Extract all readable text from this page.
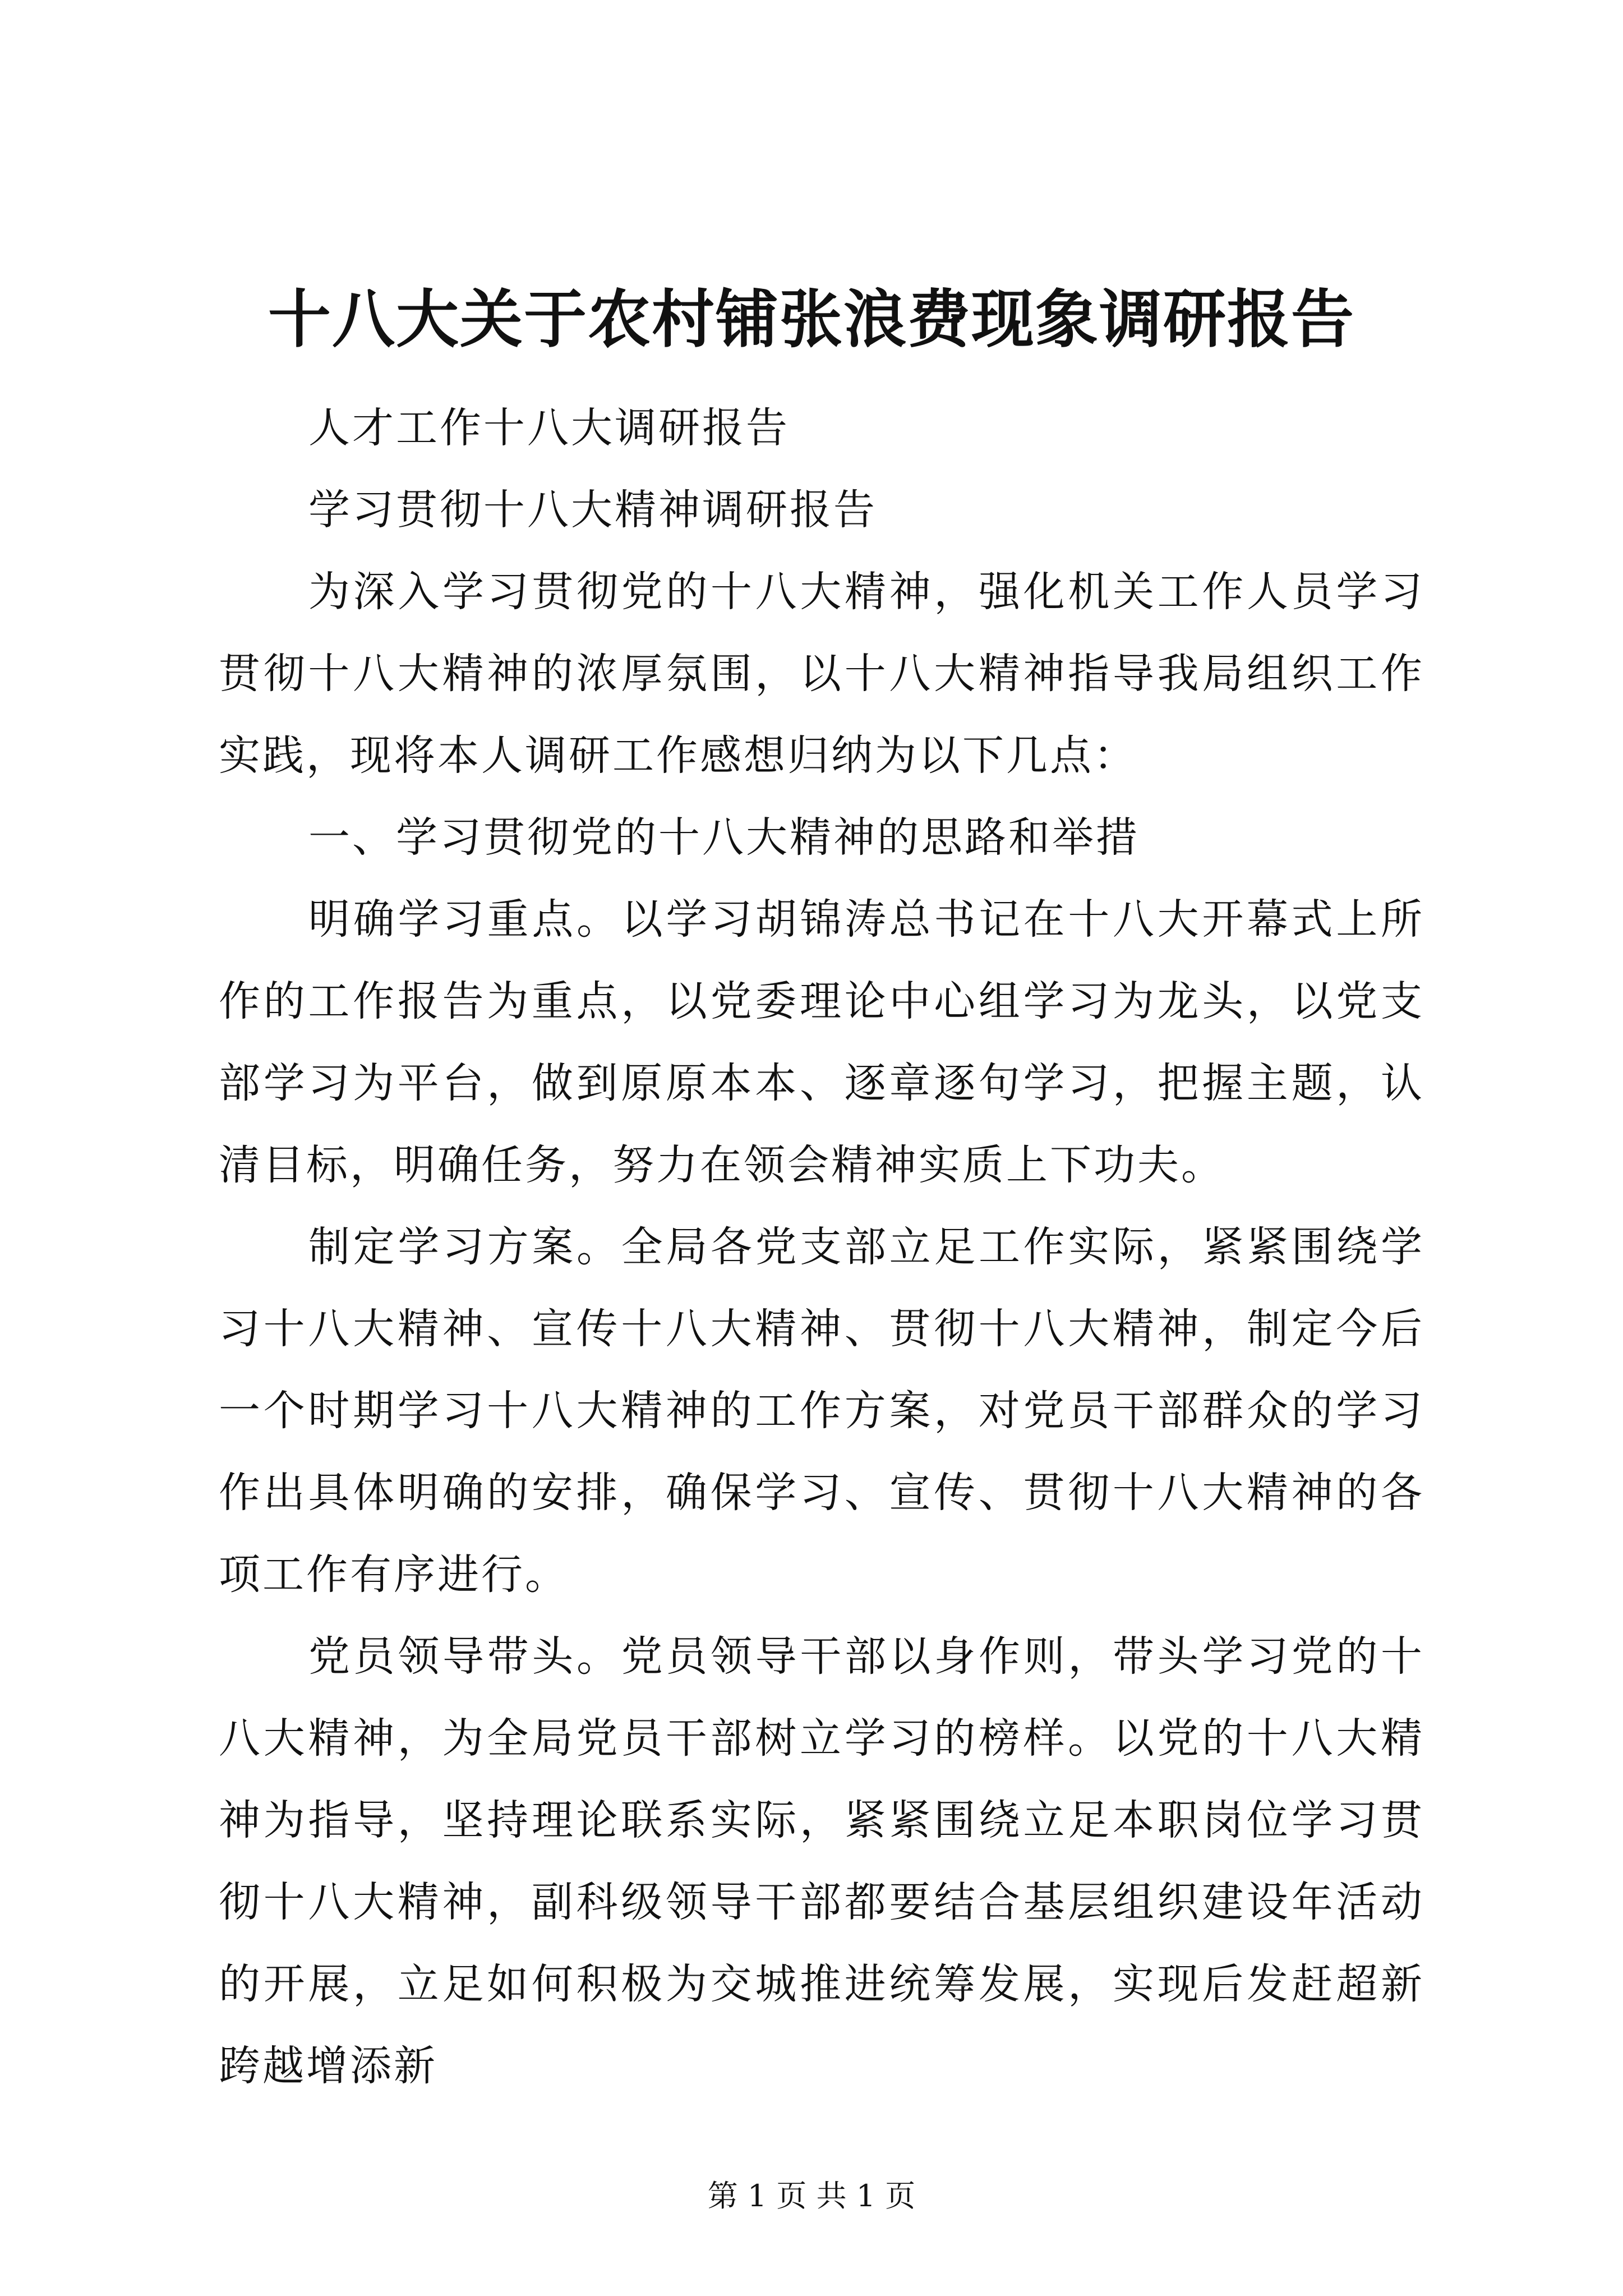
十八大关于农村铺张浪费现象调研报告

人才工作十八大调研报告

学习贯彻十八大精神调研报告

为深入学习贯彻党的十八大精神，强化机关工作人员学习贯彻十八大精神的浓厚氛围，以十八大精神指导我局组织工作实践，现将本人调研工作感想归纳为以下几点：

一、学习贯彻党的十八大精神的思路和举措

明确学习重点。以学习胡锦涛总书记在十八大开幕式上所作的工作报告为重点，以党委理论中心组学习为龙头，以党支部学习为平台，做到原原本本、逐章逐句学习，把握主题，认清目标，明确任务，努力在领会精神实质上下功夫。

制定学习方案。全局各党支部立足工作实际，紧紧围绕学习十八大精神、宣传十八大精神、贯彻十八大精神，制定今后一个时期学习十八大精神的工作方案，对党员干部群众的学习作出具体明确的安排，确保学习、宣传、贯彻十八大精神的各项工作有序进行。

党员领导带头。党员领导干部以身作则，带头学习党的十八大精神，为全局党员干部树立学习的榜样。以党的十八大精神为指导，坚持理论联系实际，紧紧围绕立足本职岗位学习贯彻十八大精神，副科级领导干部都要结合基层组织建设年活动的开展，立足如何积极为交城推进统筹发展，实现后发赶超新跨越增添新

第 1 页 共 1 页
